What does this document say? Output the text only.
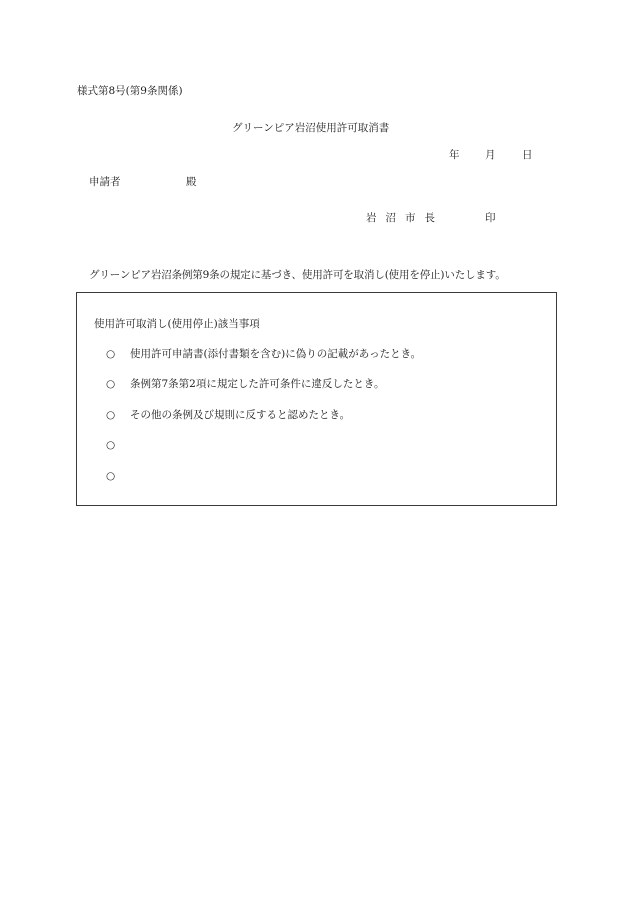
様式第8号(第9条関係)
グリーンピア岩沼使用許可取消書
年 月	日
申請者	殿
岩沼市長	印
グリーンピア岩沼条例第9条の規定に基づき、使用許可を取消し(使用を停止)いたします。
使用許可取消し(使用停止)該当事項
○ 使用許可申請書(添付書類を含む)に偽りの記載があったとき。
○ 条例第7条第2項に規定した許可条件に違反したとき。
○ その他の条例及び規則に反すると認めたとき。
○
○
